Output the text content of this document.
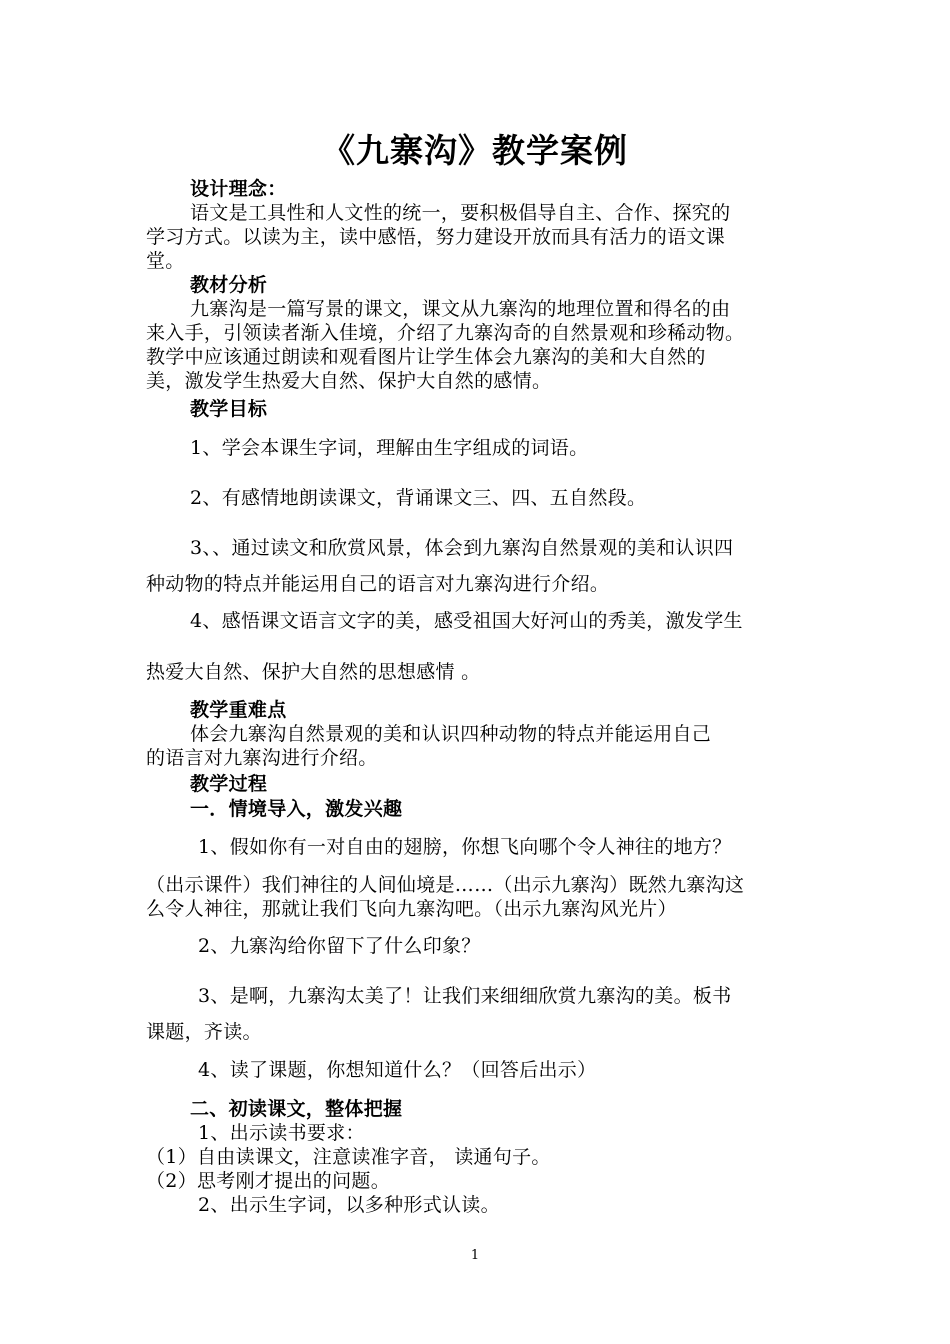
《九寨沟》教学案例
设计理念：
语文是工具性和人文性的统一，要积极倡导自主、合作、探究的
学习方式。以读为主，读中感悟，努力建设开放而具有活力的语文课
堂。
教材分析
九寨沟是一篇写景的课文，课文从九寨沟的地理位置和得名的由
来入手，引领读者渐入佳境，介绍了九寨沟奇的自然景观和珍稀动物。
教学中应该通过朗读和观看图片让学生体会九寨沟的美和大自然的
美，激发学生热爱大自然、保护大自然的感情。
教学目标
1、学会本课生字词，理解由生字组成的词语。
2、有感情地朗读课文，背诵课文三、四、五自然段。
3、、通过读文和欣赏风景，体会到九寨沟自然景观的美和认识四
种动物的特点并能运用自己的语言对九寨沟进行介绍。
4、感悟课文语言文字的美，感受祖国大好河山的秀美，激发学生
热爱大自然、保护大自然的思想感情 。
教学重难点
体会九寨沟自然景观的美和认识四种动物的特点并能运用自己
的语言对九寨沟进行介绍。
教学过程
一．情境导入，激发兴趣
1、假如你有一对自由的翅膀，你想飞向哪个令人神往的地方？
（出示课件）我们神往的人间仙境是……（出示九寨沟）既然九寨沟这
么令人神往，那就让我们飞向九寨沟吧。（出示九寨沟风光片）
2、九寨沟给你留下了什么印象？
3、是啊，九寨沟太美了！让我们来细细欣赏九寨沟的美。板书
课题，齐读。
4、读了课题，你想知道什么？（回答后出示）
二、初读课文，整体把握
1、出示读书要求：
（1）自由读课文，注意读准字音， 读通句子。
（2）思考刚才提出的问题。
2、出示生字词，以多种形式认读。
1
